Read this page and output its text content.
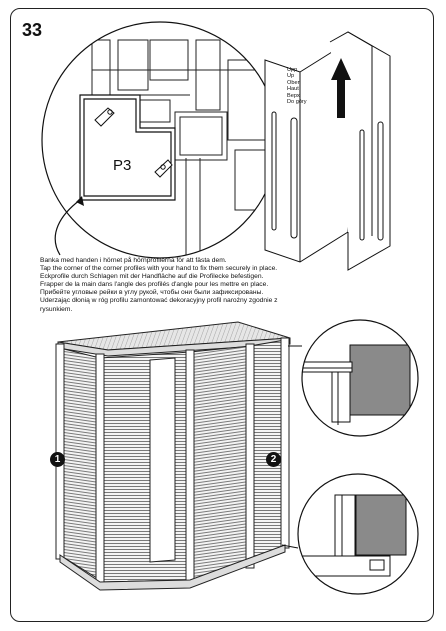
33
P3
Upp
Up
Oben
Haut
Верх
Do góry
Banka med handen i hörnet på hörnprofilerna för att fästa dem.
Tap the corner of the corner profiles with your hand to fix them securely in place.
Eckprofile durch Schlagen mit der Handfläche auf die Profilecke befestigen.
Frapper de la main dans l'angle des profilés d'angle pour les mettre en place.
Прибейте угловые рейки в углу рукой, чтобы они были зафиксированы.
Uderzając dłonią w róg profilu zamontować dekoracyjny profil narożny zgodnie z
rysunkiem.
1	2
